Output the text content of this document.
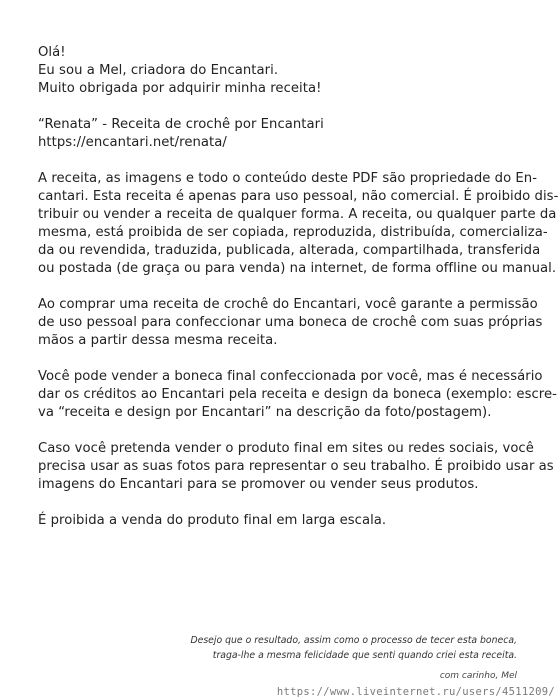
Olá!
Eu sou a Mel, criadora do Encantari.
Muito obrigada por adquirir minha receita!
“Renata” - Receita de crochê por Encantari
https://encantari.net/renata/
A receita, as imagens e todo o conteúdo deste PDF são propriedade do En-
cantari. Esta receita é apenas para uso pessoal, não comercial. É proibido dis-
tribuir ou vender a receita de qualquer forma. A receita, ou qualquer parte da
mesma, está proibida de ser copiada, reproduzida, distribuída, comercializa-
da ou revendida, traduzida, publicada, alterada, compartilhada, transferida
ou postada (de graça ou para venda) na internet, de forma offline ou manual.
Ao comprar uma receita de crochê do Encantari, você garante a permissão
de uso pessoal para confeccionar uma boneca de crochê com suas próprias
mãos a partir dessa mesma receita.
Você pode vender a boneca final confeccionada por você, mas é necessário
dar os créditos ao Encantari pela receita e design da boneca (exemplo: escre-
va “receita e design por Encantari” na descrição da foto/postagem).
Caso você pretenda vender o produto final em sites ou redes sociais, você
precisa usar as suas fotos para representar o seu trabalho. É proibido usar as
imagens do Encantari para se promover ou vender seus produtos.
É proibida a venda do produto final em larga escala.
Desejo que o resultado, assim como o processo de tecer esta boneca,
traga-lhe a mesma felicidade que senti quando criei esta receita.
com carinho, Mel
https://www.liveinternet.ru/users/4511209/
